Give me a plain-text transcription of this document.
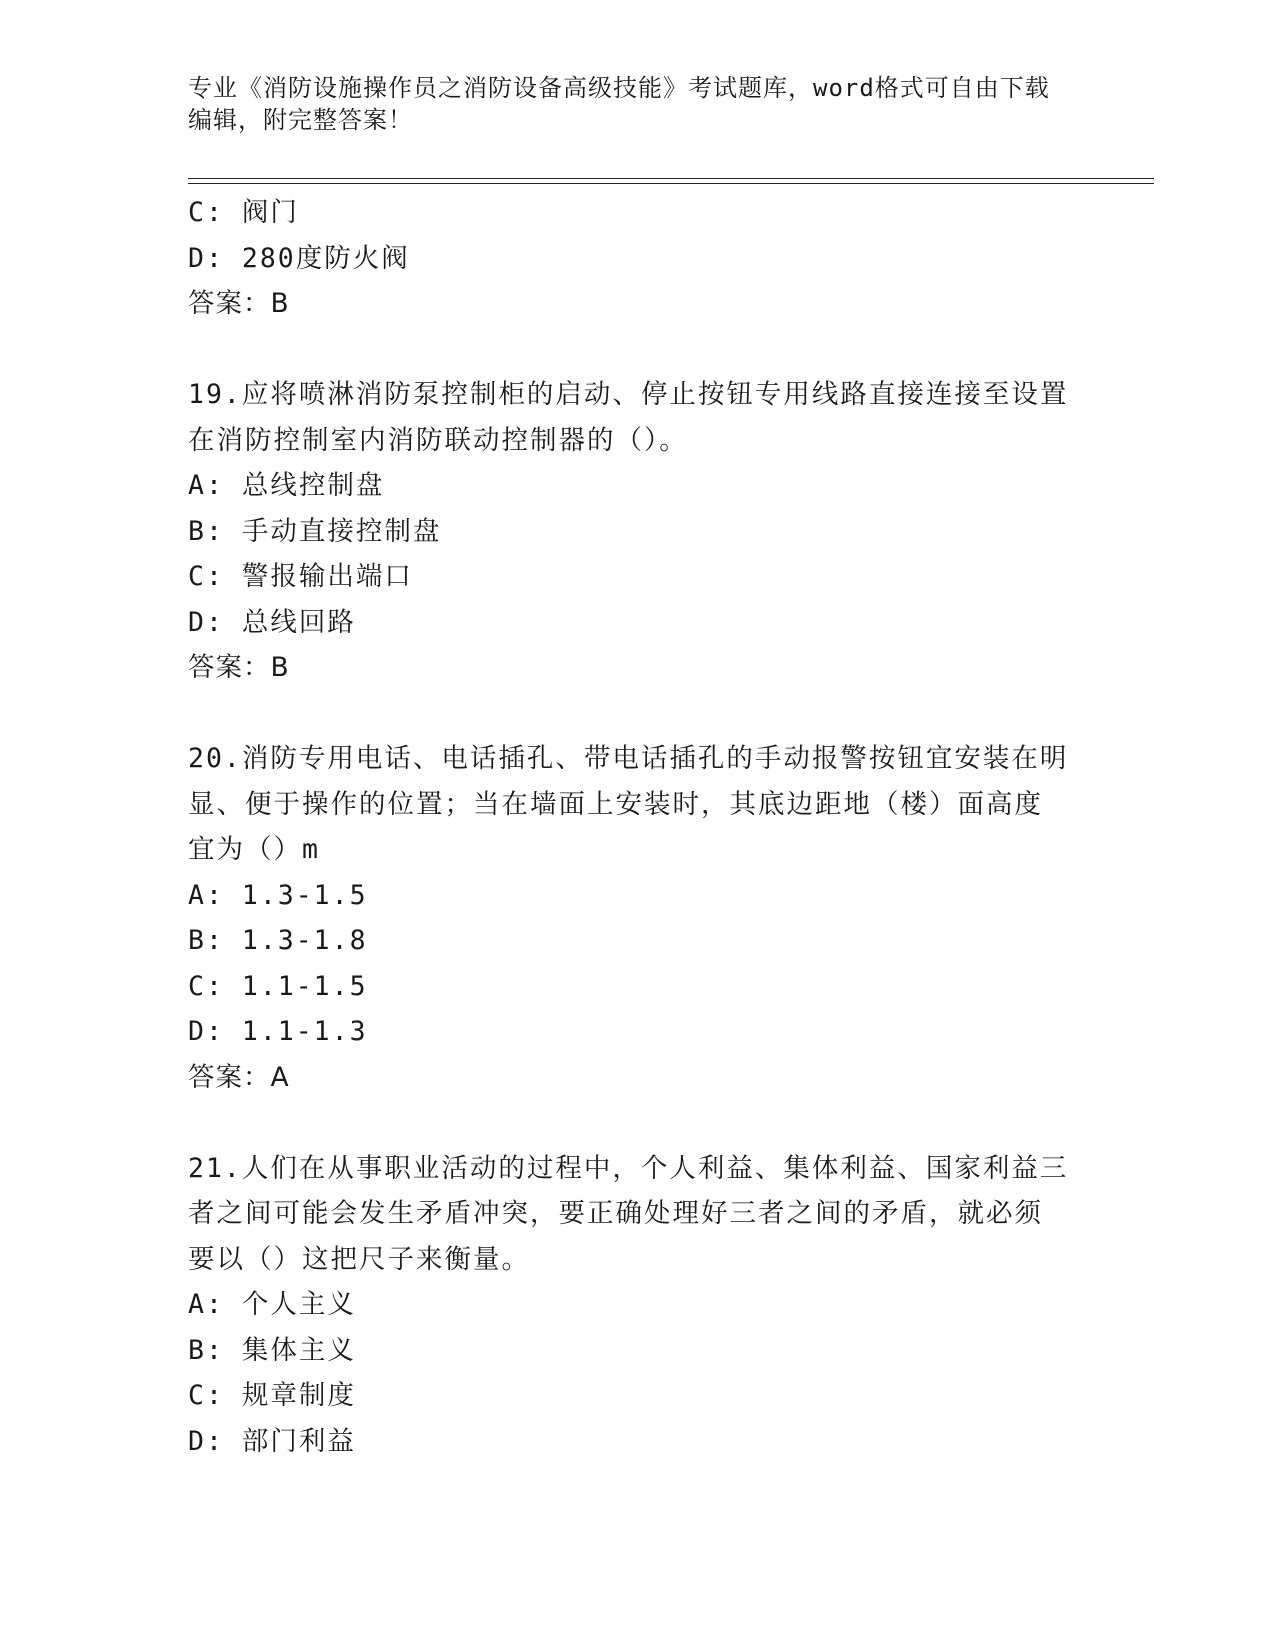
专业《消防设施操作员之消防设备高级技能》考试题库，word格式可自由下载编辑，附完整答案！
C: 阀门
D: 280度防火阀
答案：B
19.应将喷淋消防泵控制柜的启动、停止按钮专用线路直接连接至设置
在消防控制室内消防联动控制器的（）。
A: 总线控制盘
B: 手动直接控制盘
C: 警报输出端口
D: 总线回路
答案：B
20.消防专用电话、电话插孔、带电话插孔的手动报警按钮宜安装在明
显、便于操作的位置；当在墙面上安装时，其底边距地（楼）面高度
宜为（）m
A: 1.3-1.5
B: 1.3-1.8
C: 1.1-1.5
D: 1.1-1.3
答案：A
21.人们在从事职业活动的过程中，个人利益、集体利益、国家利益三
者之间可能会发生矛盾冲突，要正确处理好三者之间的矛盾，就必须
要以（）这把尺子来衡量。
A: 个人主义
B: 集体主义
C: 规章制度
D: 部门利益
